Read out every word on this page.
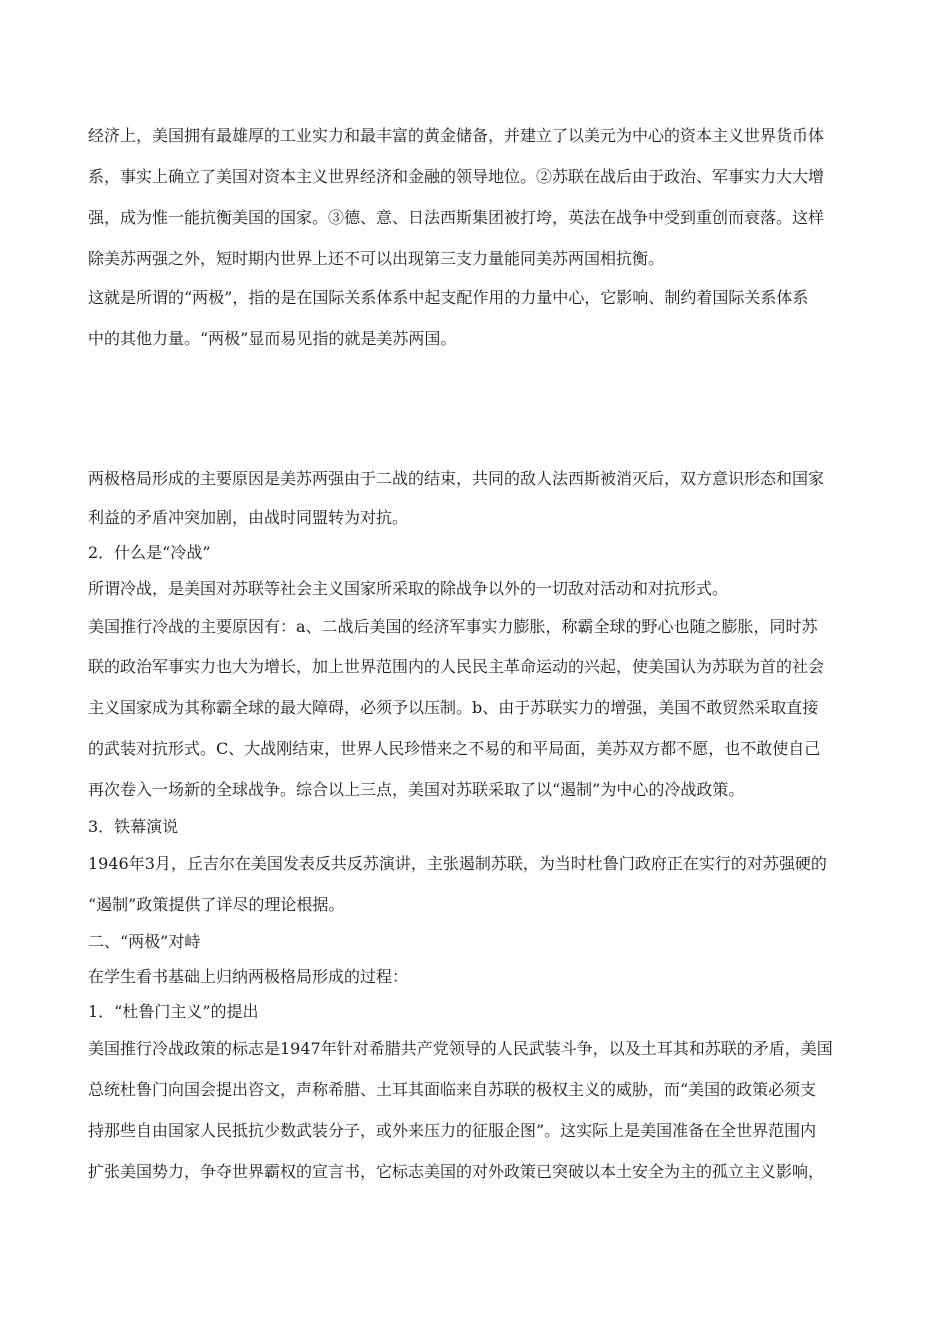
经济上，美国拥有最雄厚的工业实力和最丰富的黄金储备，并建立了以美元为中心的资本主义世界货币体
系，事实上确立了美国对资本主义世界经济和金融的领导地位。②苏联在战后由于政治、军事实力大大增
强，成为惟一能抗衡美国的国家。③德、意、日法西斯集团被打垮，英法在战争中受到重创而衰落。这样
除美苏两强之外，短时期内世界上还不可以出现第三支力量能同美苏两国相抗衡。
这就是所谓的“两极”，指的是在国际关系体系中起支配作用的力量中心，它影响、制约着国际关系体系
中的其他力量。“两极”显而易见指的就是美苏两国。
两极格局形成的主要原因是美苏两强由于二战的结束，共同的敌人法西斯被消灭后，双方意识形态和国家
利益的矛盾冲突加剧，由战时同盟转为对抗。
2．什么是“冷战”
所谓冷战，是美国对苏联等社会主义国家所采取的除战争以外的一切敌对活动和对抗形式。
美国推行冷战的主要原因有：a、二战后美国的经济军事实力膨胀，称霸全球的野心也随之膨胀，同时苏
联的政治军事实力也大为增长，加上世界范围内的人民民主革命运动的兴起，使美国认为苏联为首的社会
主义国家成为其称霸全球的最大障碍，必须予以压制。b、由于苏联实力的增强，美国不敢贸然采取直接
的武装对抗形式。C、大战刚结束，世界人民珍惜来之不易的和平局面，美苏双方都不愿，也不敢使自己
再次卷入一场新的全球战争。综合以上三点，美国对苏联采取了以“遏制”为中心的冷战政策。
3．铁幕演说
1946年3月，丘吉尔在美国发表反共反苏演讲，主张遏制苏联，为当时杜鲁门政府正在实行的对苏强硬的
“遏制”政策提供了详尽的理论根据。
二、“两极”对峙
在学生看书基础上归纳两极格局形成的过程：
1．“杜鲁门主义”的提出
美国推行冷战政策的标志是1947年针对希腊共产党领导的人民武装斗争，以及土耳其和苏联的矛盾，美国
总统杜鲁门向国会提出咨文，声称希腊、土耳其面临来自苏联的极权主义的威胁，而“美国的政策必须支
持那些自由国家人民抵抗少数武装分子，或外来压力的征服企图”。这实际上是美国准备在全世界范围内
扩张美国势力，争夺世界霸权的宣言书，它标志美国的对外政策已突破以本土安全为主的孤立主义影响，
